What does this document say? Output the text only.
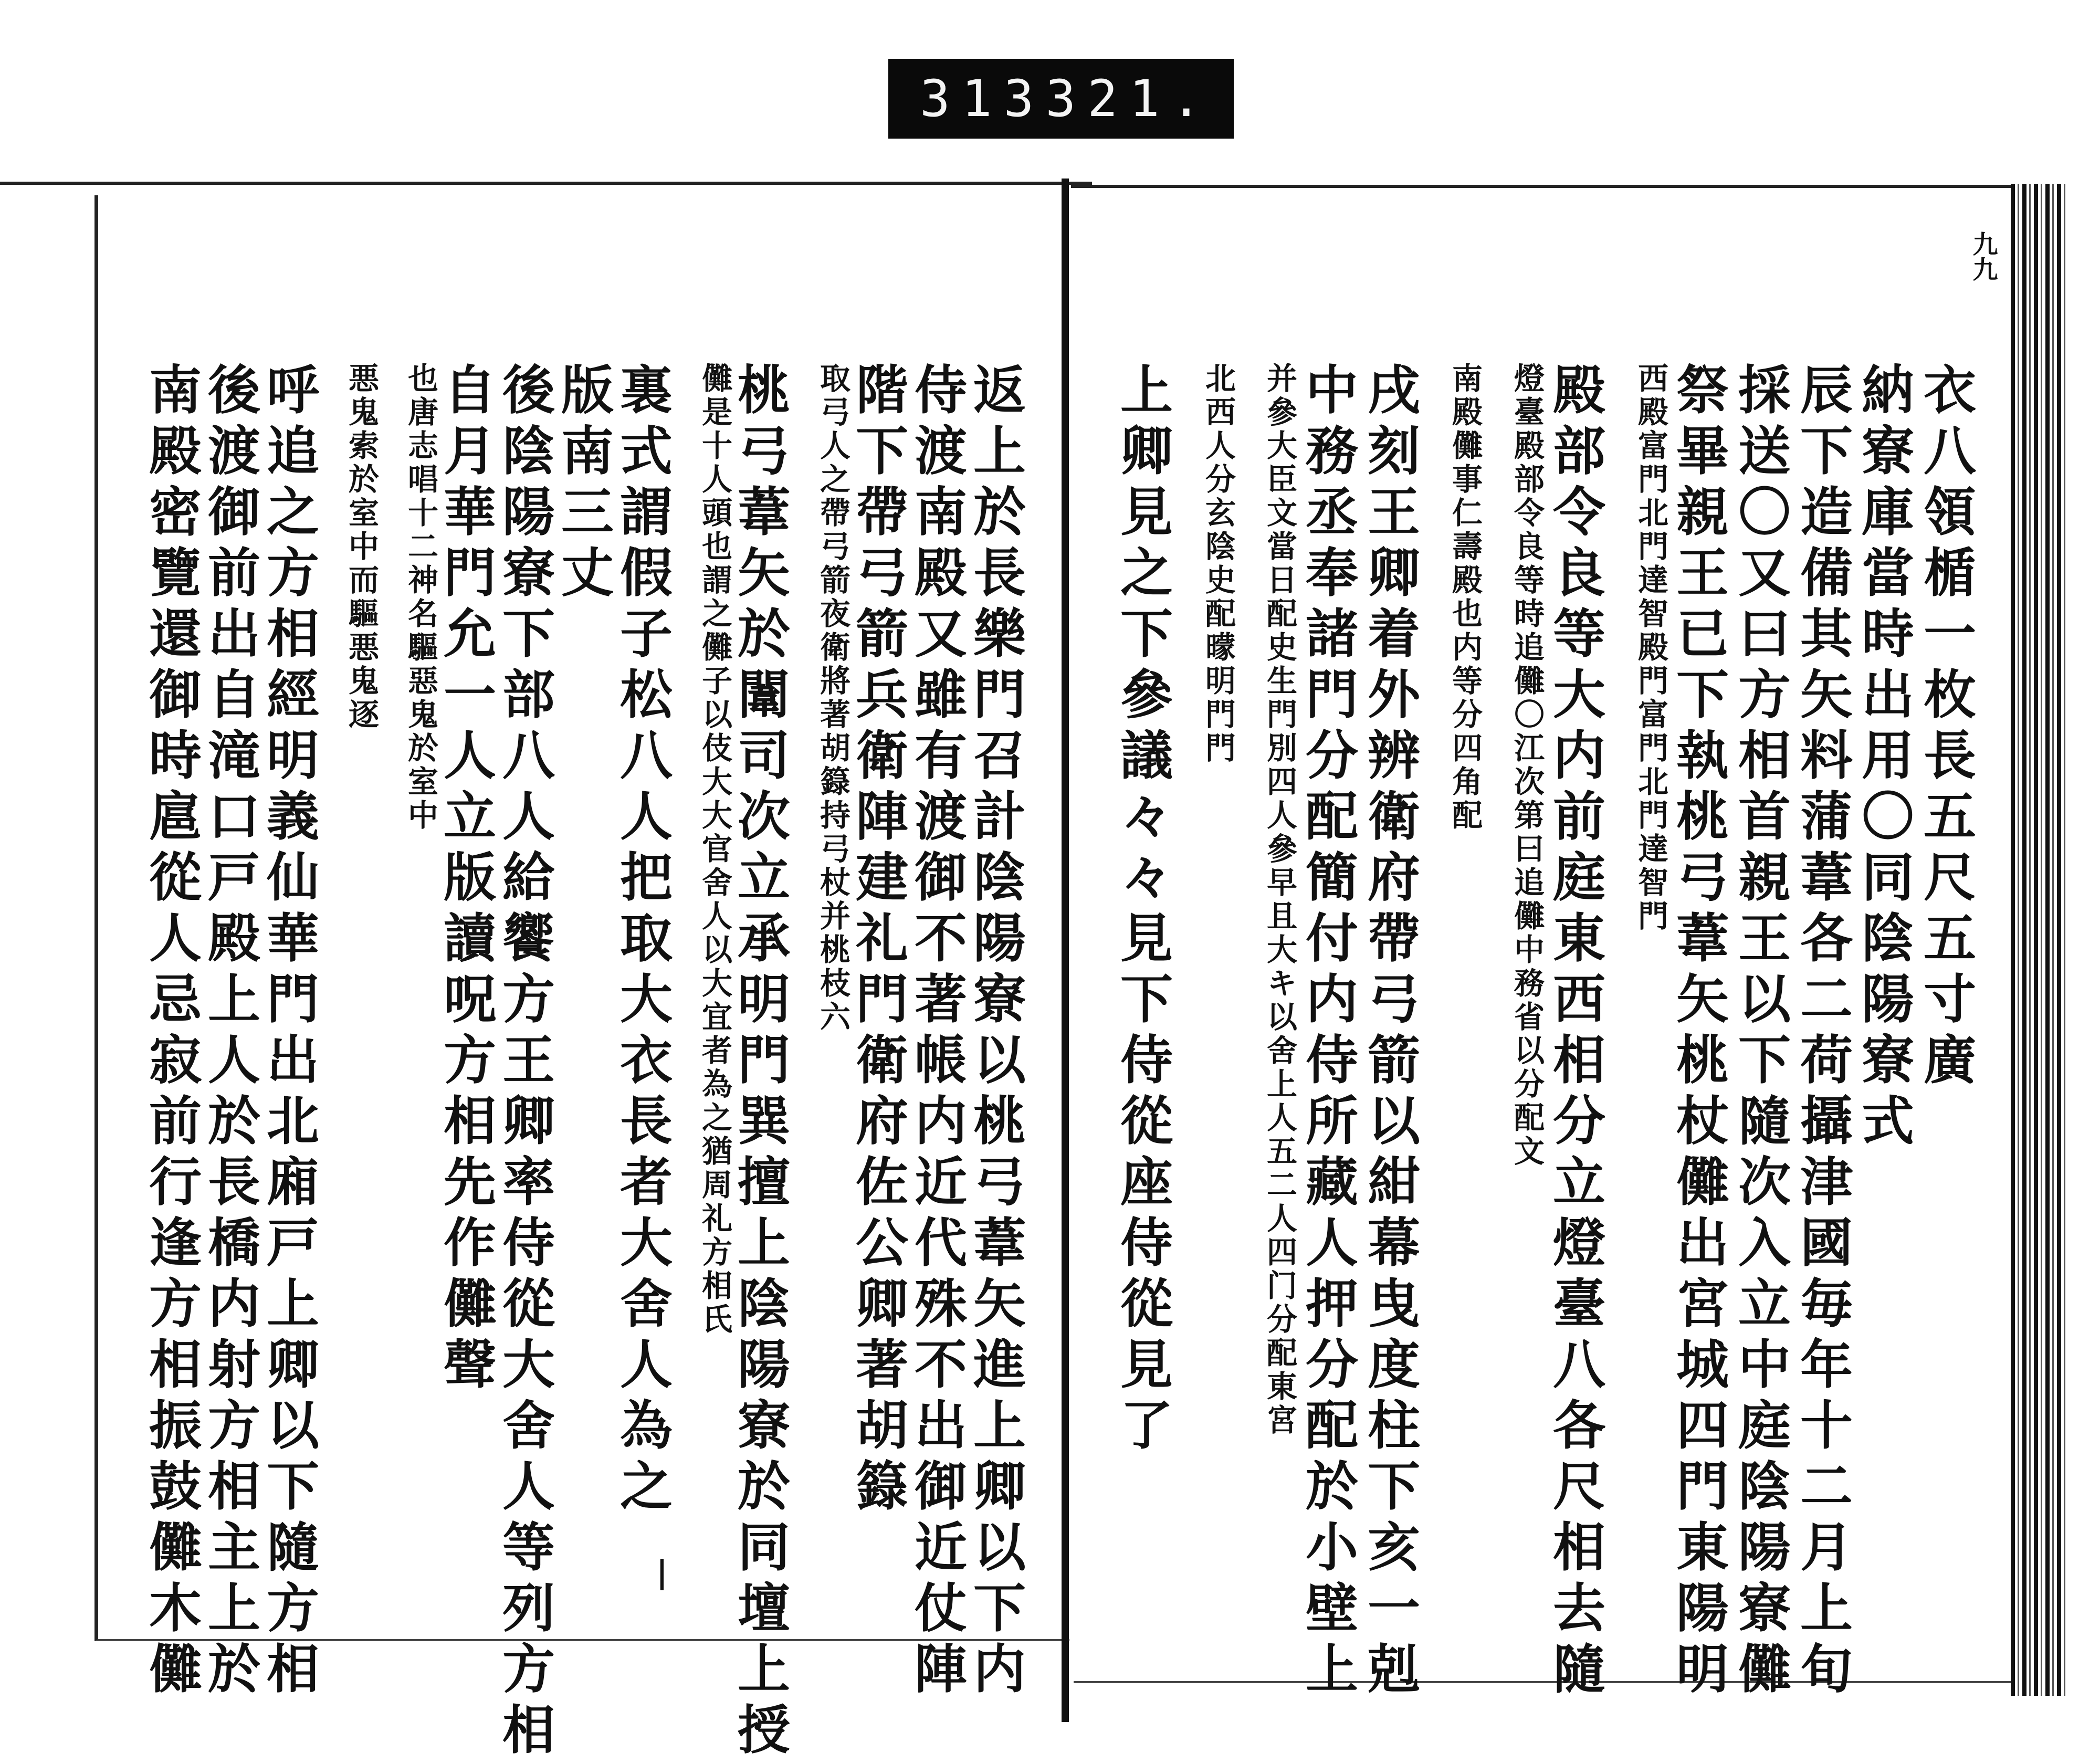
313 321.
九九
衣八領楯一枚長五尺五寸廣
納寮庫當時出用〇同陰陽寮式
辰下造備其矢料蒲葦各二荷攝津國毎年十二月上旬
採送〇又曰方相首親王以下隨次入立中庭陰陽寮儺
祭畢親王已下執桃弓葦矢桃杖儺出宮城四門東陽明
西殿富門北門達智殿門富門北門達智門
殿部令良等大内前庭東西相分立燈臺八各尺相去隨
燈臺殿部令良等時追儺〇江次第曰追儺中務省以分配文
南殿儺事仁壽殿也内等分四角配
戌刻王卿着外辨衛府帶弓箭以紺幕曳度柱下亥一剋
中務丞奉諸門分配簡付内侍所藏人押分配於小壁上
并參大臣文當日配史生門別四人參早且大キ以舍上人五二人四门分配東宮
北西人分玄陰史配曚明門門
上卿見之下參議々々見下侍從座侍從見了
返上於長樂門召計陰陽寮以桃弓葦矢進上卿以下内
侍渡南殿又雖有渡御不著帳内近代殊不出御近仗陣
階下帶弓箭兵衛陣建礼門衛府佐公卿著胡籙
取弓人之帶弓箭夜衛將著胡籙持弓杖并桃枝六
桃弓葦矢於闈司次立承明門巽擅上陰陽寮於同壇上授
儺是十人頭也謂之儺子以伎大大官舍人以大宜者為之猶周礼方相氏
裏式謂假子松八人把取大衣長者大舍人為之
版南三丈
後陰陽寮下部八人給饗方王卿率侍從大舍人等列方相
自月華門允一人立版讀呪方相先作儺聲
也唐志唱十二神名驅惡鬼於室中
悪鬼索於室中而驅悪鬼逐
呼追之方相經明義仙華門出北廂戸上卿以下隨方相
後渡御前出自滝口戸殿上人於長橋内射方相主上於
南殿密覽還御時扈從人忌寂前行逢方相振鼓儺木儺	|
